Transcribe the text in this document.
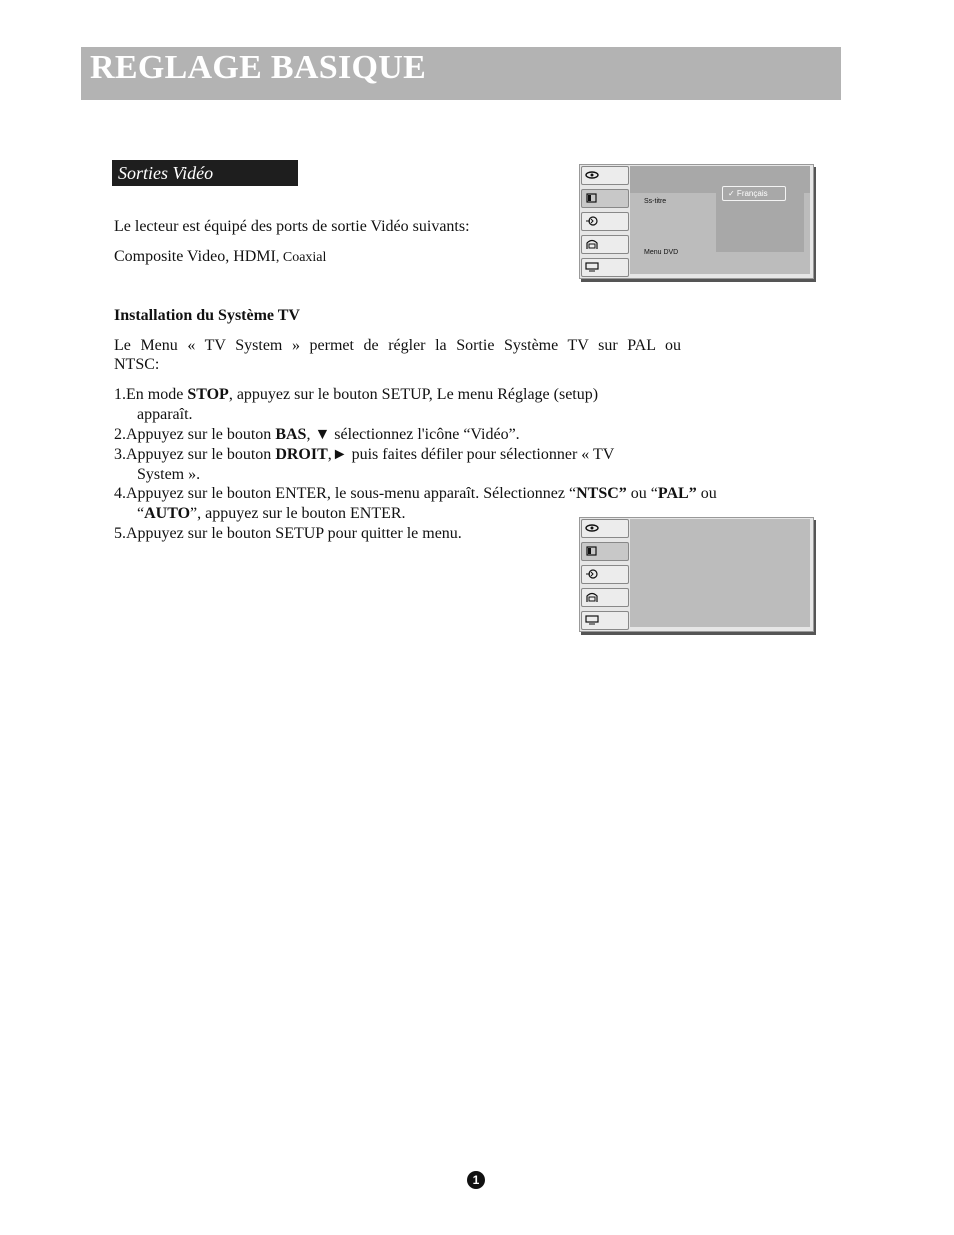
REGLAGE BASIQUE
Sorties Vidéo
Le lecteur est équipé des ports de sortie Vidéo suivants:
Composite Video, HDMI, Coaxial
Installation du Système TV
Le Menu « TV System » permet de régler la Sortie Système TV sur PAL ou
NTSC:
1.En mode STOP, appuyez sur le bouton SETUP, Le menu Réglage (setup)
apparaît.
2.Appuyez sur le bouton BAS, ▼ sélectionnez l'icône “Vidéo”.
3.Appuyez sur le bouton DROIT,► puis faites défiler pour sélectionner « TV
System ».
4.Appuyez sur le bouton ENTER, le sous-menu apparaît. Sélectionnez “NTSC” ou “PAL” ou
“AUTO”, appuyez sur le bouton ENTER.
5.Appuyez sur le bouton SETUP pour quitter le menu.
✓ Français
Ss-titre
Menu DVD
1
